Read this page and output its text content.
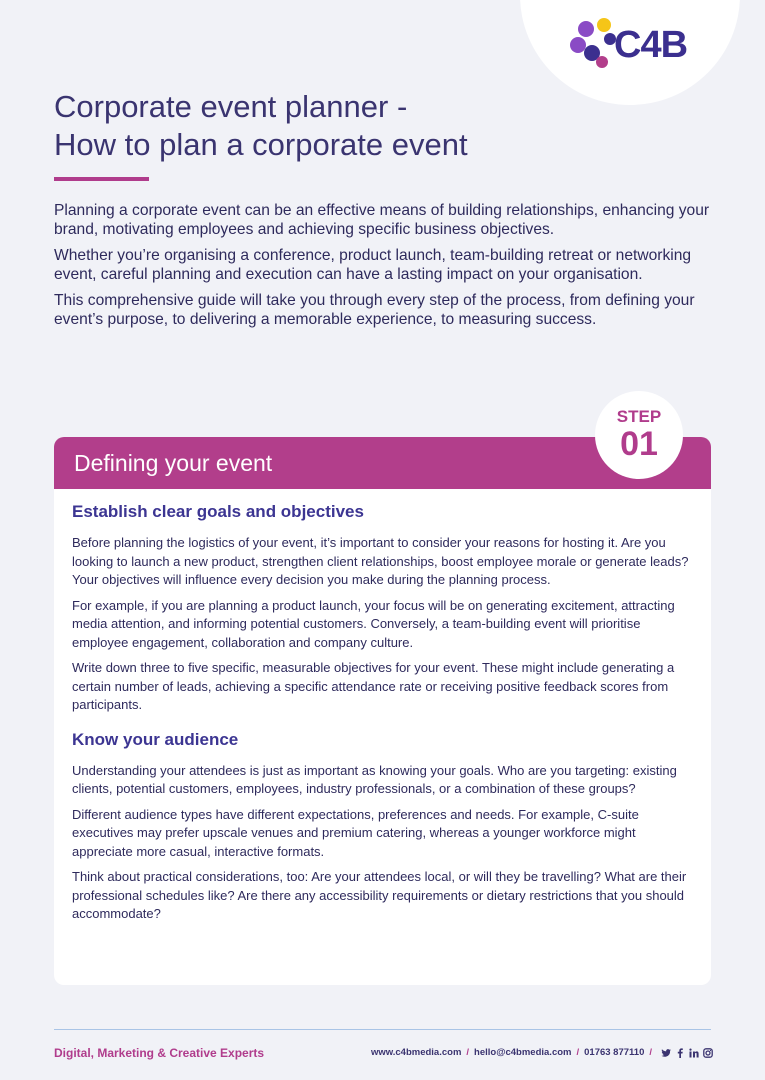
C4B
Corporate event planner -
How to plan a corporate event

Planning a corporate event can be an effective means of building relationships, enhancing your brand, motivating employees and achieving specific business objectives.

Whether you’re organising a conference, product launch, team-building retreat or networking event, careful planning and execution can have a lasting impact on your organisation.

This comprehensive guide will take you through every step of the process, from defining your event’s purpose, to delivering a memorable experience, to measuring success.

Defining your event
Establish clear goals and objectives

Before planning the logistics of your event, it’s important to consider your reasons for hosting it. Are you looking to launch a new product, strengthen client relationships, boost employee morale or generate leads? Your objectives will influence every decision you make during the planning process.

For example, if you are planning a product launch, your focus will be on generating excitement, attracting media attention, and informing potential customers. Conversely, a team-building event will prioritise employee engagement, collaboration and company culture.

Write down three to five specific, measurable objectives for your event. These might include generating a certain number of leads, achieving a specific attendance rate or receiving positive feedback scores from participants.

Know your audience

Understanding your attendees is just as important as knowing your goals. Who are you targeting: existing clients, potential customers, employees, industry professionals, or a combination of these groups?

Different audience types have different expectations, preferences and needs. For example, C-suite executives may prefer upscale venues and premium catering, whereas a younger workforce might appreciate more casual, interactive formats.

Think about practical considerations, too: Are your attendees local, or will they be travelling? What are their professional schedules like? Are there any accessibility requirements or dietary restrictions that you should accommodate?

STEP
01
Digital, Marketing & Creative Experts	www.c4bmedia.com / hello@c4bmedia.com / 01763 877110 /
